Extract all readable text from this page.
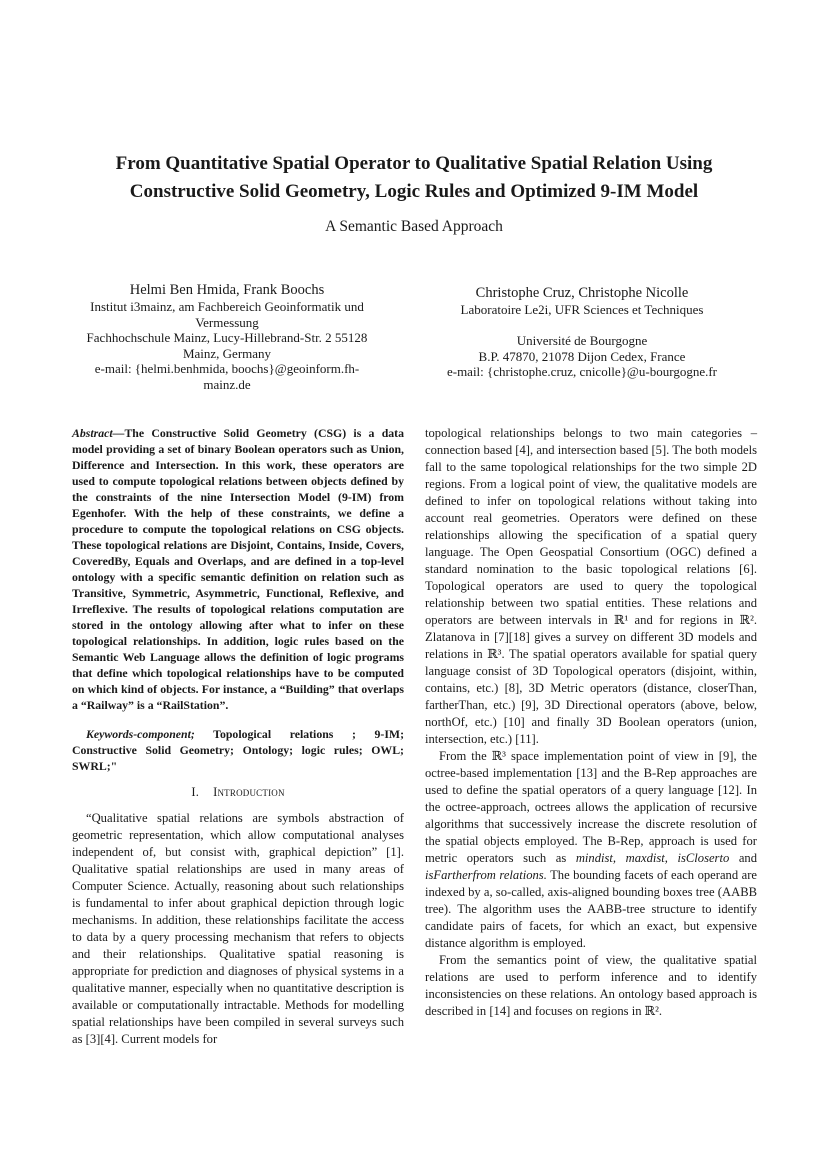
From Quantitative Spatial Operator to Qualitative Spatial Relation Using
Constructive Solid Geometry, Logic Rules and Optimized 9-IM Model
A Semantic Based Approach
Helmi Ben Hmida, Frank Boochs
Institut i3mainz, am Fachbereich Geoinformatik und
Vermessung
Fachhochschule Mainz, Lucy-Hillebrand-Str. 2 55128
Mainz, Germany
e-mail: {helmi.benhmida, boochs}@geoinform.fh-
mainz.de
Christophe Cruz, Christophe Nicolle
Laboratoire Le2i, UFR Sciences et Techniques
Université de Bourgogne
B.P. 47870, 21078 Dijon Cedex, France
e-mail: {christophe.cruz, cnicolle}@u-bourgogne.fr

Abstract—The Constructive Solid Geometry (CSG) is a data model providing a set of binary Boolean operators such as Union, Difference and Intersection. In this work, these operators are used to compute topological relations between objects defined by the constraints of the nine Intersection Model (9-IM) from Egenhofer. With the help of these constraints, we define a procedure to compute the topological relations on CSG objects. These topological relations are Disjoint, Contains, Inside, Covers, CoveredBy, Equals and Overlaps, and are defined in a top-level ontology with a specific semantic definition on relation such as Transitive, Symmetric, Asymmetric, Functional, Reflexive, and Irreflexive. The results of topological relations computation are stored in the ontology allowing after what to infer on these topological relationships. In addition, logic rules based on the Semantic Web Language allows the definition of logic programs that define which topological relationships have to be computed on which kind of objects. For instance, a “Building” that overlaps a “Railway” is a “RailStation”.

Keywords-component; Topological relations ; 9-IM; Constructive Solid Geometry; Ontology; logic rules; OWL; SWRL;"

I. Introduction

“Qualitative spatial relations are symbols abstraction of geometric representation, which allow computational analyses independent of, but consist with, graphical depiction” [1]. Qualitative spatial relationships are used in many areas of Computer Science. Actually, reasoning about such relationships is fundamental to infer about graphical depiction through logic mechanisms. In addition, these relationships facilitate the access to data by a query processing mechanism that refers to objects and their relationships. Qualitative spatial reasoning is appropriate for prediction and diagnoses of physical systems in a qualitative manner, especially when no quantitative description is available or computationally intractable. Methods for modelling spatial relationships have been compiled in several surveys such as [3][4]. Current models for

topological relationships belongs to two main categories – connection based [4], and intersection based [5]. The both models fall to the same topological relationships for the two simple 2D regions. From a logical point of view, the qualitative models are defined to infer on topological relations without taking into account real geometries. Operators were defined on these relationships allowing the specification of a spatial query language. The Open Geospatial Consortium (OGC) defined a standard nomination to the basic topological relations [6]. Topological operators are used to query the topological relationship between two spatial entities. These relations and operators are between intervals in ℝ¹ and for regions in ℝ². Zlatanova in [7][18] gives a survey on different 3D models and relations in ℝ³. The spatial operators available for spatial query language consist of 3D Topological operators (disjoint, within, contains, etc.) [8], 3D Metric operators (distance, closerThan, fartherThan, etc.) [9], 3D Directional operators (above, below, northOf, etc.) [10] and finally 3D Boolean operators (union, intersection, etc.) [11].

From the ℝ³ space implementation point of view in [9], the octree-based implementation [13] and the B-Rep approaches are used to define the spatial operators of a query language [12]. In the octree-approach, octrees allows the application of recursive algorithms that successively increase the discrete resolution of the spatial objects employed. The B-Rep, approach is used for metric operators such as mindist, maxdist, isCloserto and isFartherfrom relations. The bounding facets of each operand are indexed by a, so-called, axis-aligned bounding boxes tree (AABB tree). The algorithm uses the AABB-tree structure to identify candidate pairs of facets, for which an exact, but expensive distance algorithm is employed.

From the semantics point of view, the qualitative spatial relations are used to perform inference and to identify inconsistencies on these relations. An ontology based approach is described in [14] and focuses on regions in ℝ².
